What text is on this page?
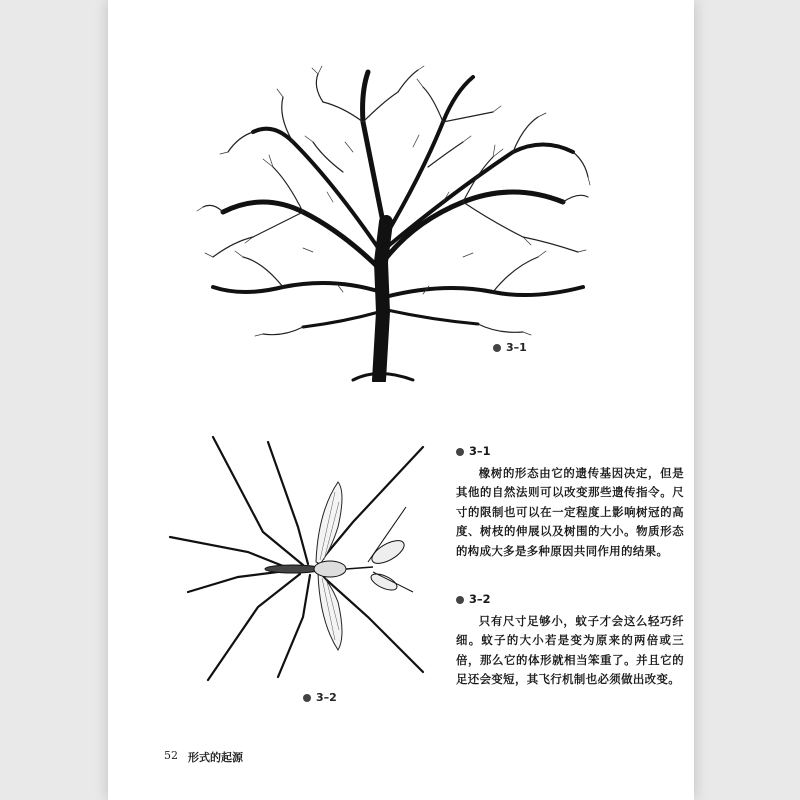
3–1
3–2
3–1

橡树的形态由它的遗传基因决定，但是其他的自然法则可以改变那些遗传指令。尺寸的限制也可以在一定程度上影响树冠的高度、树枝的伸展以及树围的大小。物质形态的构成大多是多种原因共同作用的结果。

3–2

只有尺寸足够小，蚊子才会这么轻巧纤细。蚊子的大小若是变为原来的两倍或三倍，那么它的体形就相当笨重了。并且它的足还会变短，其飞行机制也必须做出改变。

52 形式的起源
